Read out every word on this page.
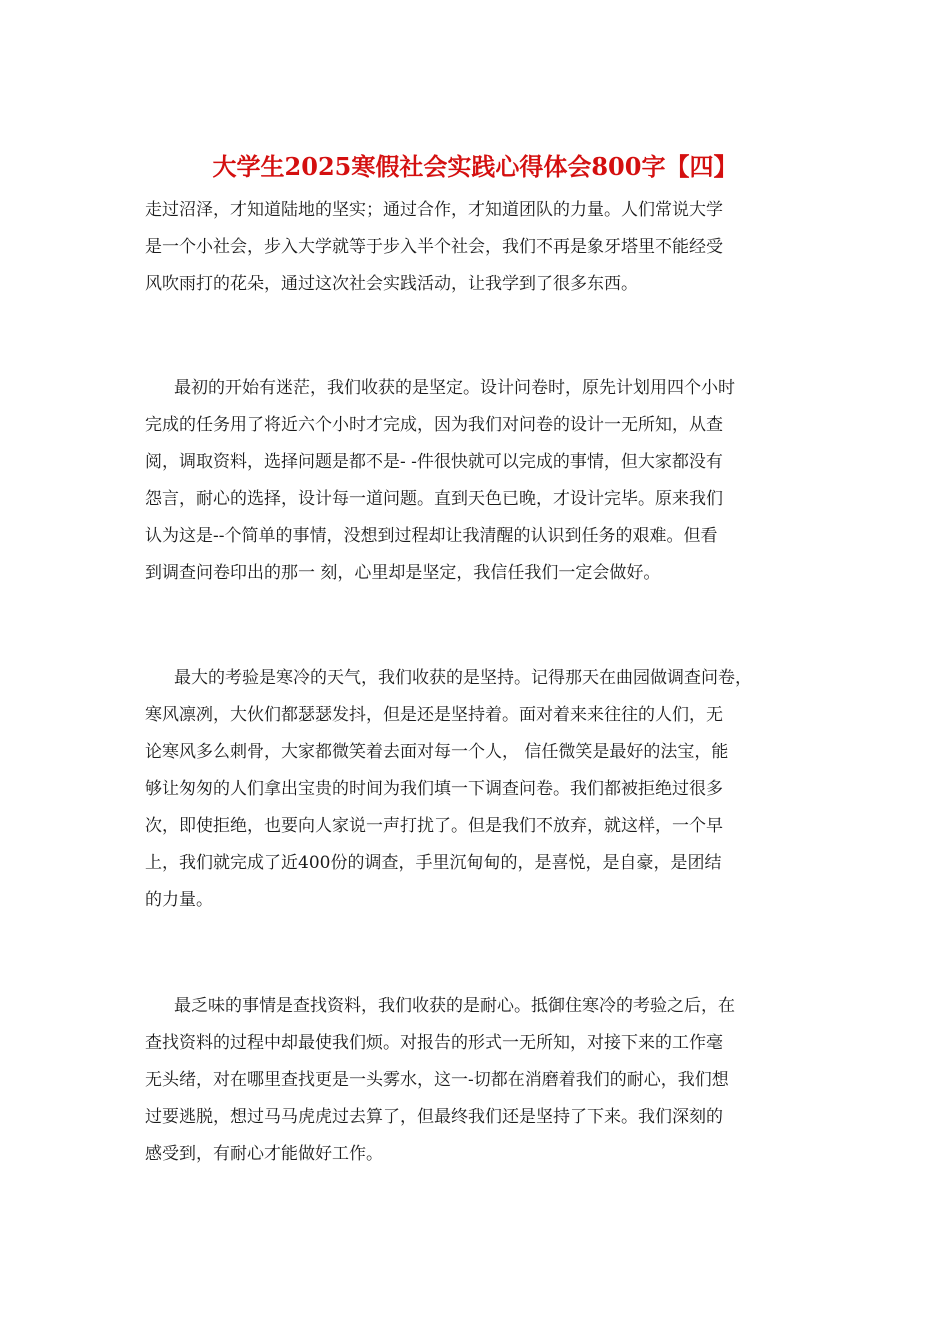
大学生2025寒假社会实践心得体会800字【四】

走过沼泽，才知道陆地的坚实；通过合作，才知道团队的力量。人们常说大学

是一个小社会，步入大学就等于步入半个社会，我们不再是象牙塔里不能经受

风吹雨打的花朵，通过这次社会实践活动，让我学到了很多东西。

最初的开始有迷茫，我们收获的是坚定。设计问卷时，原先计划用四个小时

完成的任务用了将近六个小时才完成，因为我们对问卷的设计一无所知，从查

阅，调取资料，选择问题是都不是- -件很快就可以完成的事情，但大家都没有

怨言，耐心的选择，设计每一道问题。直到天色已晚，才设计完毕。原来我们

认为这是--个简单的事情，没想到过程却让我清醒的认识到任务的艰难。但看

到调查问卷印出的那一 刻，心里却是坚定，我信任我们一定会做好。

最大的考验是寒冷的天气，我们收获的是坚持。记得那天在曲园做调查问卷，

寒风凛冽，大伙们都瑟瑟发抖，但是还是坚持着。面对着来来往往的人们，无

论寒风多么刺骨，大家都微笑着去面对每一个人， 信任微笑是最好的法宝，能

够让匆匆的人们拿出宝贵的时间为我们填一下调查问卷。我们都被拒绝过很多

次，即使拒绝，也要向人家说一声打扰了。但是我们不放弃，就这样，一个早

上，我们就完成了近400份的调查，手里沉甸甸的，是喜悦，是自豪，是团结

的力量。

最乏味的事情是查找资料，我们收获的是耐心。抵御住寒冷的考验之后，在

查找资料的过程中却最使我们烦。对报告的形式一无所知，对接下来的工作毫

无头绪，对在哪里查找更是一头雾水，这一-切都在消磨着我们的耐心，我们想

过要逃脱，想过马马虎虎过去算了，但最终我们还是坚持了下来。我们深刻的

感受到，有耐心才能做好工作。
